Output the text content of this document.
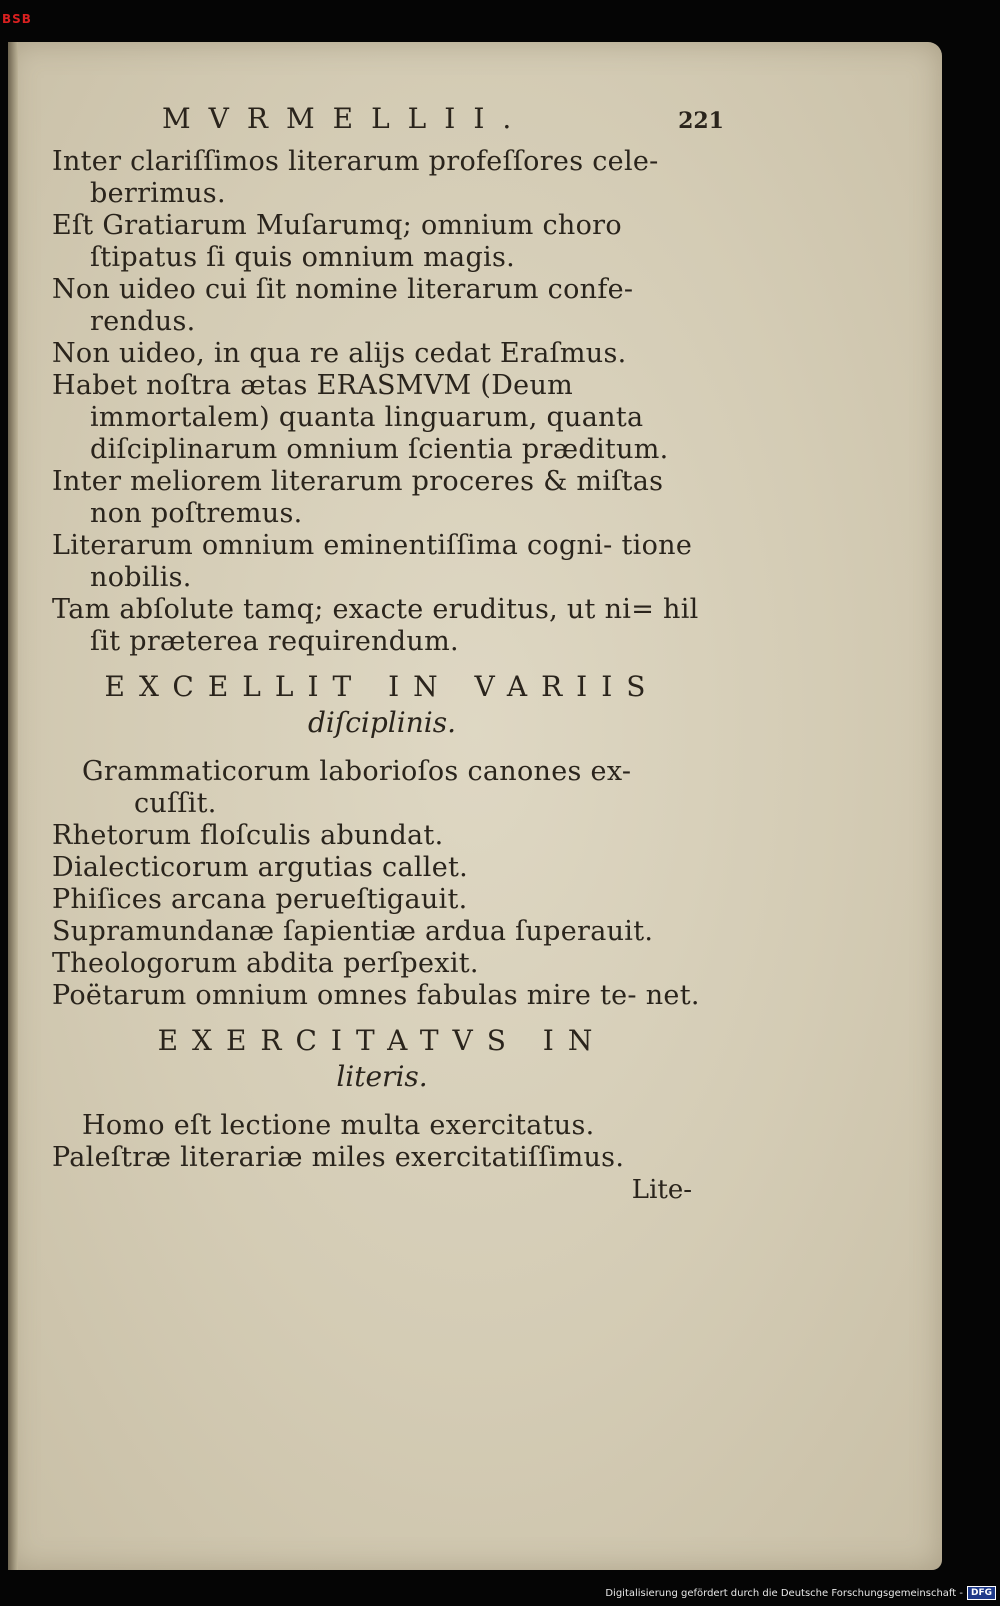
BSB
MVRMELLII.	221
Inter clariſſimos literarum profeſſores cele- berrimus.
Eſt Gratiarum Muſarumq; omnium choro ſtipatus ſi quis omnium magis.
Non uideo cui ſit nomine literarum confe- rendus.
Non uideo, in qua re alijs cedat Eraſmus.
Habet noſtra ætas ERASMVM (Deum immortalem) quanta linguarum, quanta diſciplinarum omnium ſcientia præditum.
Inter meliorem literarum proceres & miſtas non poſtremus.
Literarum omnium eminentiſſima cogni- tione nobilis.
Tam abſolute tamq; exacte eruditus, ut ni= hil ſit præterea requirendum.
EXCELLIT IN VARIIS
diſciplinis.
Grammaticorum laborioſos canones ex- cuſſit.
Rhetorum floſculis abundat.
Dialecticorum argutias callet.
Phiſices arcana perueſtigauit.
Supramundanæ ſapientiæ ardua ſuperauit.
Theologorum abdita perſpexit.
Poëtarum omnium omnes fabulas mire te- net.
EXERCITATVS IN
literis.
Homo eſt lectione multa exercitatus.
Paleſtræ literariæ miles exercitatiſſimus.
Lite-
Digitalisierung gefördert durch die Deutsche Forschungsgemeinschaft - DFG
